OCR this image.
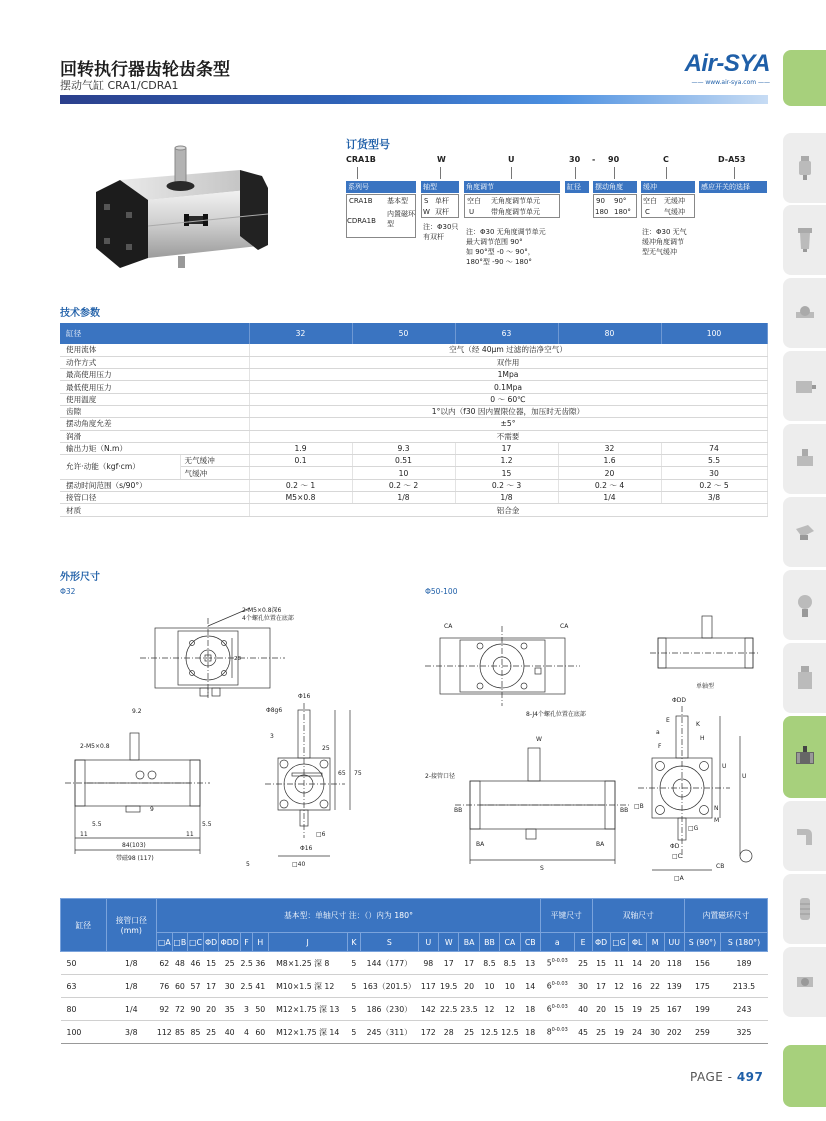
回转执行器齿轮齿条型
摆动气缸 CRA1/CDRA1
Air-SYA
—— www.air-sya.com ——
订货型号
CRA1B	W	U	30 - 90	C	D-A53
系列号	轴型	角度调节	缸径	摆动角度	缓冲	感应开关的选择
CRA1B 基本型
CDRA1B
内置磁环型
S 单杆
W 双杆
注：Φ30只有双杆
空白 无角度调节单元
U 带角度调节单元
注：Φ30 无角度调节单元
最大调节范围 90°
如 90°型 -0 ～ 90°，
180°型 -90 ～ 180°
90 90°
180 180°
空白 无缓冲
C 气缓冲
注：Φ30 无气
缓冲角度调节
型无气缓冲
技术参数
缸径		32	50	63	80	100
使用流体		空气（经 40μm 过滤的洁净空气）				
动作方式		双作用				
最高使用压力		1Mpa				
最低使用压力		0.1Mpa				
使用温度		0 ～ 60℃				
齿隙		1°以内（f30 因内置限位器，加压时无齿隙）				
摆动角度允差		±5°				
润滑		不需要				
输出力矩（N.m）		1.9	9.3	17	32	74
允许·动能（kgf·cm）	无气缓冲	0.1	0.51	1.2	1.6	5.5
	气缓冲		10	15	20	30
摆动时间范围（s/90°）		0.2 ～ 1	0.2 ～ 2	0.2 ～ 3	0.2 ～ 4	0.2 ～ 5
接管口径		M5×0.8	1/8	1/8	1/4	3/8
材质		铝合金				
外形尺寸
Φ32	Φ50-100
2-M5×0.8深6
4个螺孔位置在底部
28
9.2
2-M5×0.8
5.5	5.5
11	11
9
84(103)
带磁98 (117)
Φ16
Φ8g6
3
65 75
25
Φ16
□6
□40
5
CA	CA
8-J4个螺孔位置在底部
W
2-接管口径
BB	BB
BA	BA
S
单轴型
ΦDD
K
H
a
F
E
U
U
N
M
□B
□G
ΦD
□C
□A
CB
缸径	接管口径 (mm)	基本型：单轴尺寸 注：（）内为 180°																平键尺寸		双轴尺寸					内置磁环尺寸	
		□A	□B	□C	ΦD	ΦDD	F	H	J	K	S	U	W	BA	BB	CA	CB	a	E	ΦD	□G	ΦL	M	UU	S (90°)	S (180°)
50	1/8	62	48	46	15	25	2.5	36	M8×1.25 深 8	5	144（177）	98	17	17	8.5	8.5	13	$5^{0-0.03}$	25	15	11	14	20	118	156	189
63	1/8	76	60	57	17	30	2.5	41	M10×1.5 深 12	5	163（201.5）	117	19.5	20	10	10	14	$6^{0-0.03}$	30	17	12	16	22	139	175	213.5
80	1/4	92	72	90	20	35	3	50	M12×1.75 深 13	5	186（230）	142	22.5	23.5	12	12	18	$6^{0-0.03}$	40	20	15	19	25	167	199	243
100	3/8	112	85	85	25	40	4	60	M12×1.75 深 14	5	245（311）	172	28	25	12.5	12.5	18	$8^{0-0.03}$	45	25	19	24	30	202	259	325
PAGE - 497
